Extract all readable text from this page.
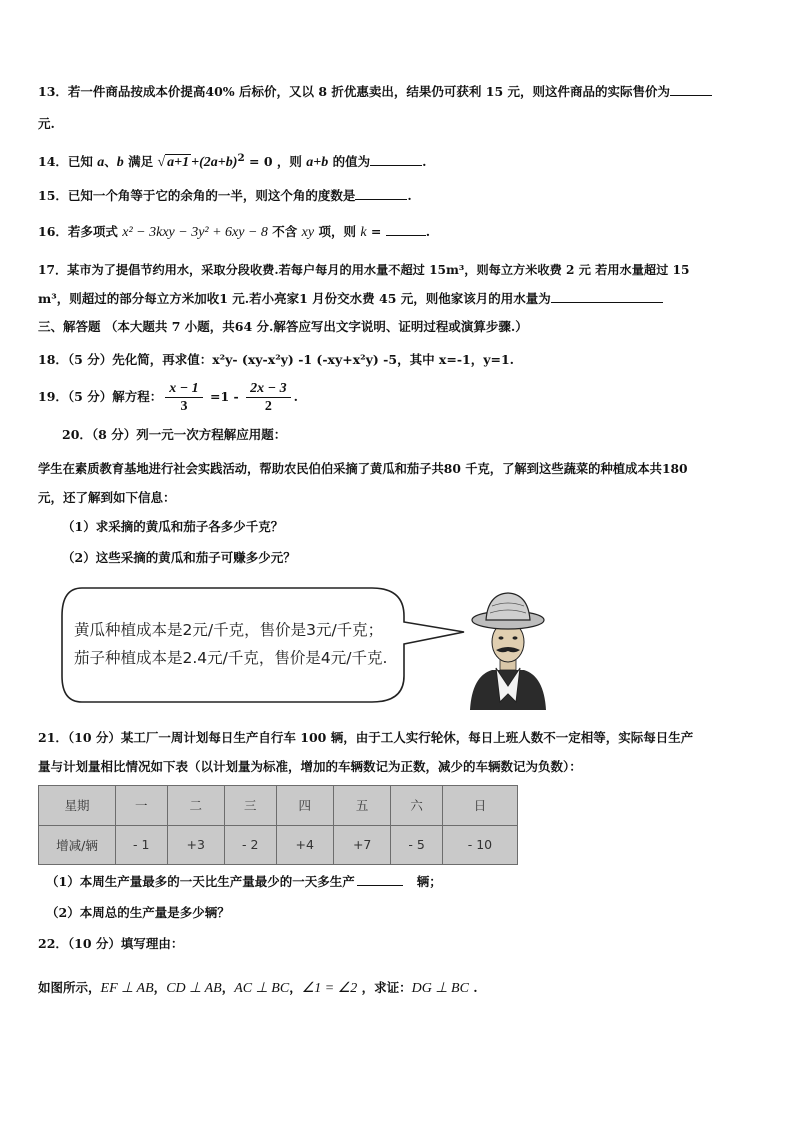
13．若一件商品按成本价提高40% 后标价，又以 8 折优惠卖出，结果仍可获利 15 元，则这件商品的实际售价为
元.
14．已知 a、b 满足 √ $a+1 +(2a+b)^2 = 0$ ，则 a+b 的值为	.
15．已知一个角等于它的余角的一半，则这个角的度数是	.
16．若多项式 x² − 3kxy − 3y² + 6xy − 8 不含 xy 项，则 k =	.
17．某市为了提倡节约用水，采取分段收费.若每户每月的用水量不超过 15m³，则每立方米收费 2 元 若用水量超过 15
m³，则超过的部分每立方米加收1 元.若小亮家1 月份交水费 45 元，则他家该月的用水量为
三、解答题 （本大题共 7 小题，共64 分.解答应写出文字说明、证明过程或演算步骤.）
18．（5 分）先化简，再求值：x²y- (xy-x²y) -1 (-xy+x²y) -5，其中 x=-1，y=1.
19．（5 分）解方程： $\frac{x - 1}{3} =1 - \frac{2x - 3}{2}$ .
20．（8 分）列一元一次方程解应用题：
学生在素质教育基地进行社会实践活动，帮助农民伯伯采摘了黄瓜和茄子共80 千克，了解到这些蔬菜的种植成本共180
元，还了解到如下信息：
（1）求采摘的黄瓜和茄子各多少千克？
（2）这些采摘的黄瓜和茄子可赚多少元？
黄瓜种植成本是2元/千克，售价是3元/千克；
茄子种植成本是2.4元/千克，售价是4元/千克.
21．（10 分）某工厂一周计划每日生产自行车 100 辆，由于工人实行轮休，每日上班人数不一定相等，实际每日生产
量与计划量相比情况如下表（以计划量为标准，增加的车辆数记为正数，减少的车辆数记为负数）：
星期	一	二	三	四	五	六	日
增减/辆	- 1	+3	- 2	+4	+7	- 5	- 10
（1）本周生产量最多的一天比生产量最少的一天多生产	辆；
（2）本周总的生产量是多少辆？
22．（10 分）填写理由：
如图所示，EF ⊥ AB，CD ⊥ AB，AC ⊥ BC，∠1 = ∠2 ，求证：DG ⊥ BC .
